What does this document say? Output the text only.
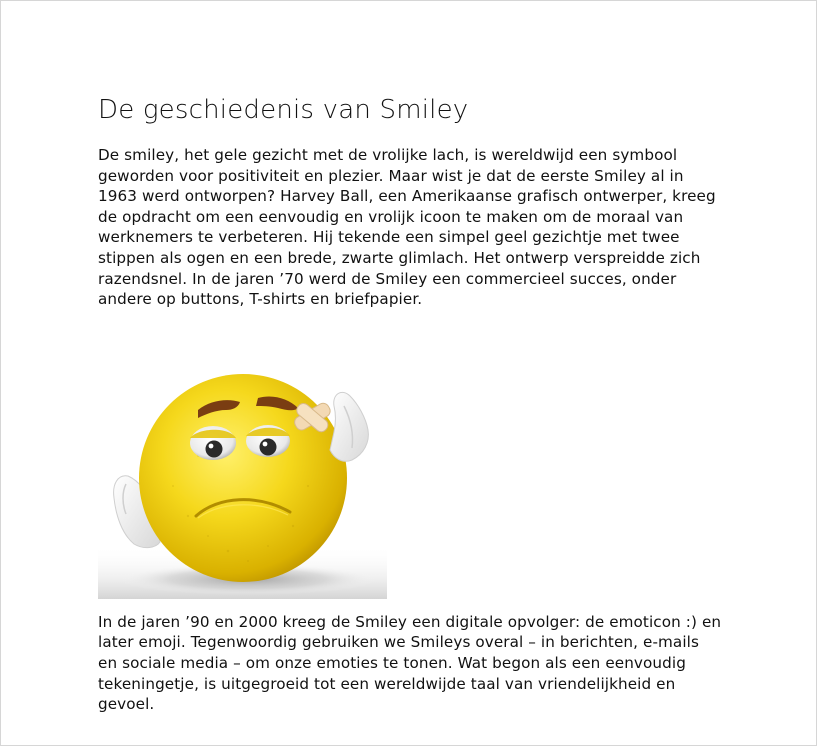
De geschiedenis van Smiley

De smiley, het gele gezicht met de vrolijke lach, is wereldwijd een symbool geworden voor positiviteit en plezier. Maar wist je dat de eerste Smiley al in 1963 werd ontworpen? Harvey Ball, een Amerikaanse grafisch ontwerper, kreeg de opdracht om een eenvoudig en vrolijk icoon te maken om de moraal van werknemers te verbeteren. Hij tekende een simpel geel gezichtje met twee stippen als ogen en een brede, zwarte glimlach. Het ontwerp verspreidde zich razendsnel. In de jaren ’70 werd de Smiley een commercieel succes, onder andere op buttons, T-shirts en briefpapier.

In de jaren ’90 en 2000 kreeg de Smiley een digitale opvolger: de emoticon :) en later emoji. Tegenwoordig gebruiken we Smileys overal – in berichten, e-mails en sociale media – om onze emoties te tonen. Wat begon als een eenvoudig tekeningetje, is uitgegroeid tot een wereldwijde taal van vriendelijkheid en gevoel.
